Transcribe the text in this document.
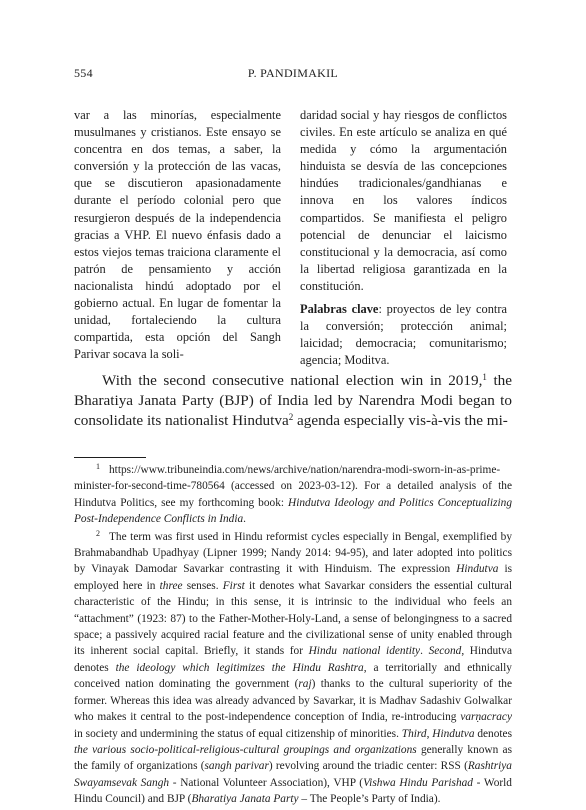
554	P. PANDIMAKIL

var a las minorías, especialmente musulmanes y cristianos. Este ensayo se concentra en dos temas, a saber, la conversión y la protección de las vacas, que se discutieron apasionadamente durante el período colonial pero que resurgieron después de la independencia gracias a VHP. El nuevo énfasis dado a estos viejos temas traiciona claramente el patrón de pensamiento y acción nacionalista hindú adoptado por el gobierno actual. En lugar de fomentar la unidad, fortaleciendo la cultura compartida, esta opción del Sangh Parivar socava la soli-

daridad social y hay riesgos de conflictos civiles. En este artículo se analiza en qué medida y cómo la argumentación hinduista se desvía de las concepciones hindúes tradicionales/gandhianas e innova en los valores índicos compartidos. Se manifiesta el peligro potencial de denunciar el laicismo constitucional y la democracia, así como la libertad religiosa garantizada en la constitución.

Palabras clave: proyectos de ley contra la conversión; protección animal; laicidad; democracia; comunitarismo; agencia; Moditva.

With the second consecutive national election win in 2019,$^1$ the Bharatiya Janata Party (BJP) of India led by Narendra Modi began to consolidate its nationalist Hindutva$^2$ agenda especially vis-à-vis the mi-

$^1$ https://www.tribuneindia.com/news/archive/nation/narendra-modi-sworn-in-as-prime-minister-for-second-time-780564 (accessed on 2023-03-12). For a detailed analysis of the Hindutva Politics, see my forthcoming book: Hindutva Ideology and Politics Conceptualizing Post-Independence Conflicts in India.

$^2$ The term was first used in Hindu reformist cycles especially in Bengal, exemplified by Brahmabandhab Upadhyay (Lipner 1999; Nandy 2014: 94-95), and later adopted into politics by Vinayak Damodar Savarkar contrasting it with Hinduism. The expression Hindutva is employed here in three senses. First it denotes what Savarkar considers the essential cultural characteristic of the Hindu; in this sense, it is intrinsic to the individual who feels an “attachment” (1923: 87) to the Father-Mother-Holy-Land, a sense of belongingness to a sacred space; a passively acquired racial feature and the civilizational sense of unity enabled through its inherent social capital. Briefly, it stands for Hindu national identity. Second, Hindutva denotes the ideology which legitimizes the Hindu Rashtra, a territorially and ethnically conceived nation dominating the government (raj) thanks to the cultural superiority of the former. Whereas this idea was already advanced by Savarkar, it is Madhav Sadashiv Golwalkar who makes it central to the post-independence conception of India, re-introducing varṇacracy in society and undermining the status of equal citizenship of minorities. Third, Hindutva denotes the various socio-political-religious-cultural groupings and organizations generally known as the family of organizations (sangh parivar) revolving around the triadic center: RSS (Rashtriya Swayamsevak Sangh - National Volunteer Association), VHP (Vishwa Hindu Parishad - World Hindu Council) and BJP (Bharatiya Janata Party – The People’s Party of India).
